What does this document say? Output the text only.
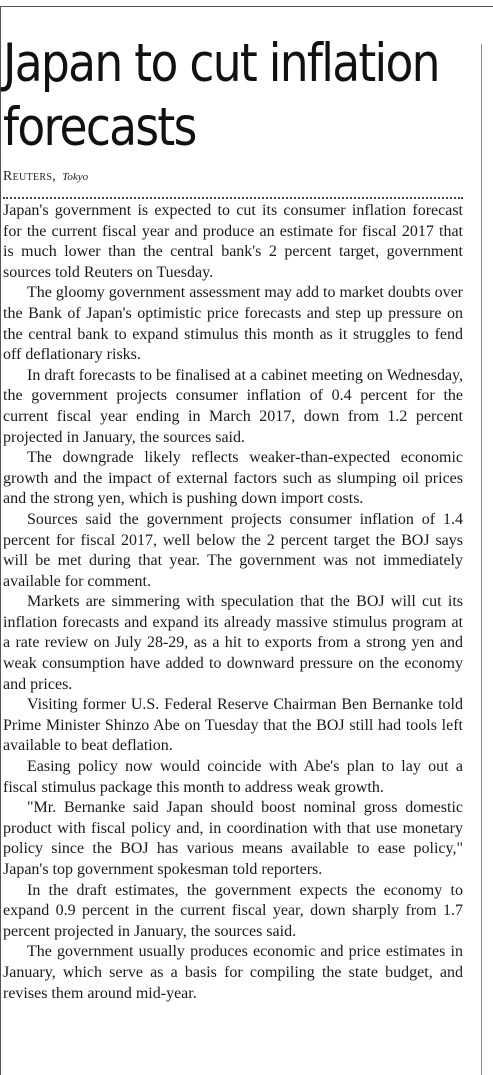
Japan to cut inflation forecasts
Reuters, Tokyo

Japan's government is expected to cut its consumer inflation forecast for the current fiscal year and produce an estimate for fiscal 2017 that is much lower than the central bank's 2 percent target, government sources told Reuters on Tuesday.

The gloomy government assessment may add to market doubts over the Bank of Japan's optimistic price forecasts and step up pressure on the central bank to expand stimulus this month as it struggles to fend off deflationary risks.

In draft forecasts to be finalised at a cabinet meeting on Wednesday, the government projects consumer inflation of 0.4 percent for the current fiscal year ending in March 2017, down from 1.2 percent projected in January, the sources said.

The downgrade likely reflects weaker-than-expected economic growth and the impact of external factors such as slumping oil prices and the strong yen, which is pushing down import costs.

Sources said the government projects consumer inflation of 1.4 percent for fiscal 2017, well below the 2 percent target the BOJ says will be met during that year. The government was not immediately available for comment.

Markets are simmering with speculation that the BOJ will cut its inflation forecasts and expand its already massive stimulus program at a rate review on July 28-29, as a hit to exports from a strong yen and weak consumption have added to downward pressure on the economy and prices.

Visiting former U.S. Federal Reserve Chairman Ben Bernanke told Prime Minister Shinzo Abe on Tuesday that the BOJ still had tools left available to beat deflation.

Easing policy now would coincide with Abe's plan to lay out a fiscal stimulus package this month to address weak growth.

"Mr. Bernanke said Japan should boost nominal gross domestic product with fiscal policy and, in coordination with that use monetary policy since the BOJ has various means available to ease policy," Japan's top government spokesman told reporters.

In the draft estimates, the government expects the economy to expand 0.9 percent in the current fiscal year, down sharply from 1.7 percent projected in January, the sources said.

The government usually produces economic and price estimates in January, which serve as a basis for compiling the state budget, and revises them around mid-year.
